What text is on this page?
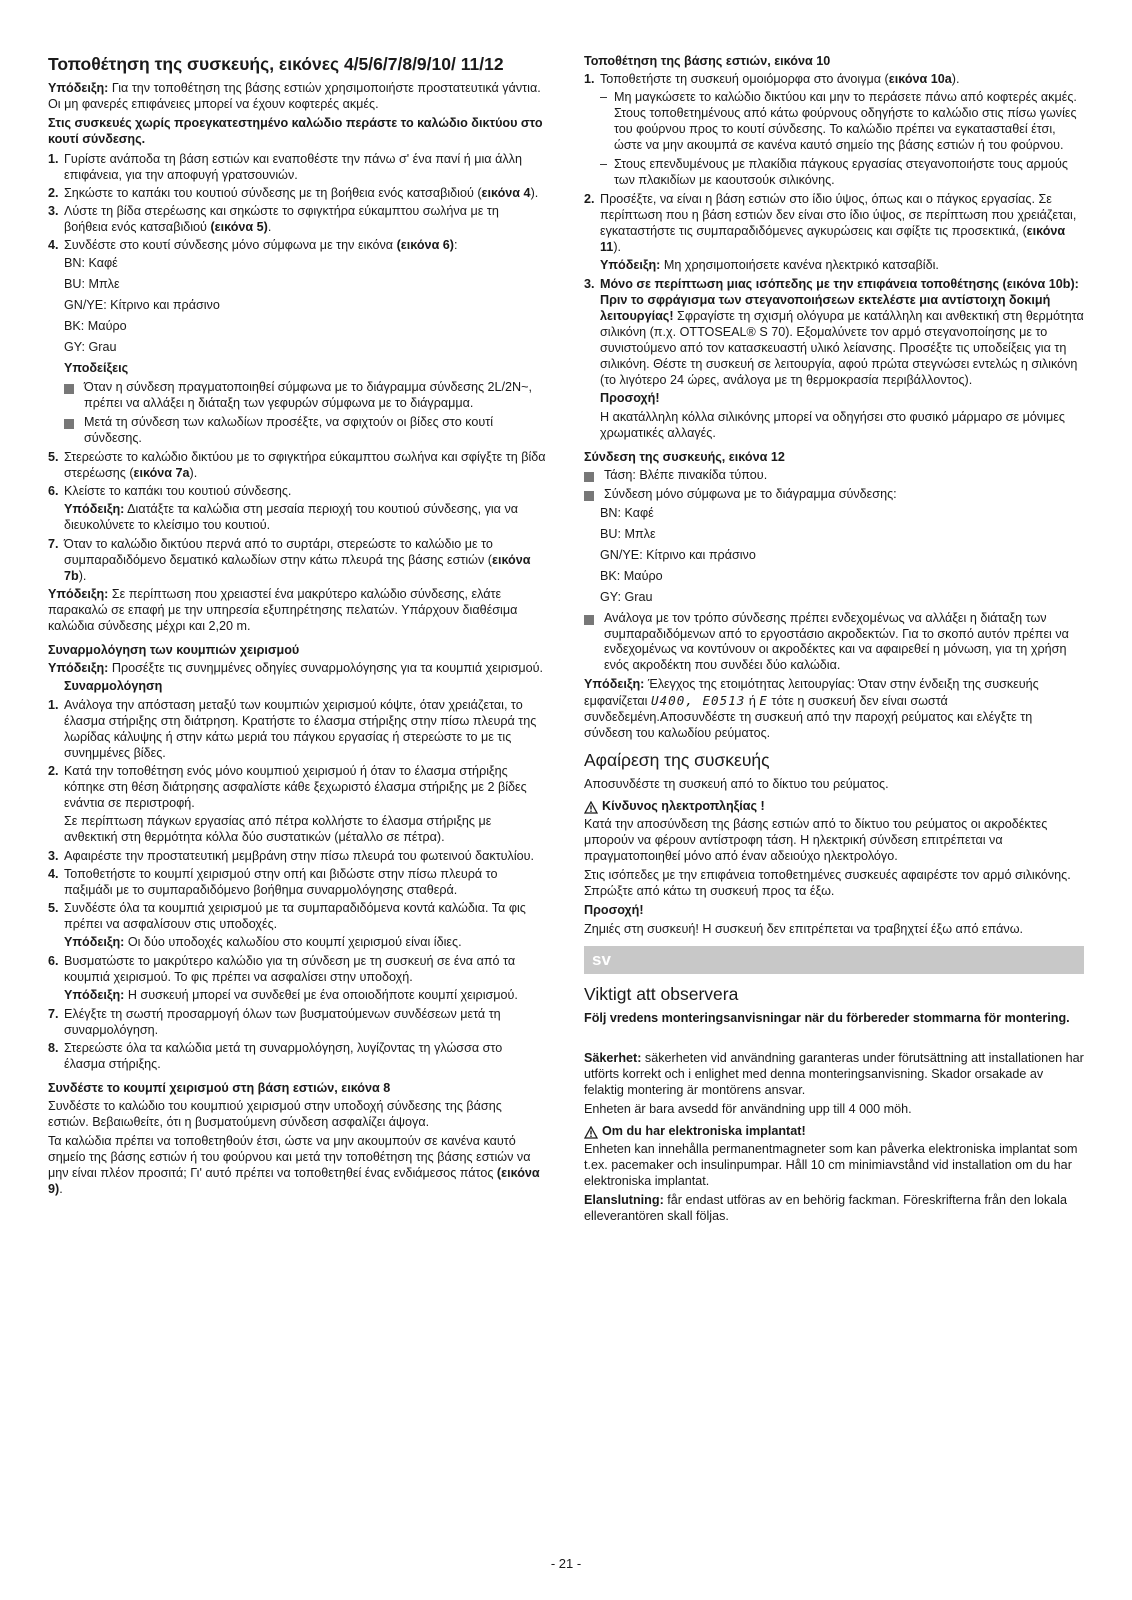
Τοποθέτηση της συσκευής, εικόνες 4/5/6/7/8/9/10/ 11/12

Υπόδειξη: Για την τοποθέτηση της βάσης εστιών χρησιμοποιήστε προστατευτικά γάντια. Οι μη φανερές επιφάνειες μπορεί να έχουν κοφτερές ακμές.

Στις συσκευές χωρίς προεγκατεστημένο καλώδιο περάστε το καλώδιο δικτύου στο κουτί σύνδεσης.

1. Γυρίστε ανάποδα τη βάση εστιών και εναποθέστε την πάνω σ' ένα πανί ή μια άλλη επιφάνεια, για την αποφυγή γρατσουνιών.
2. Σηκώστε το καπάκι του κουτιού σύνδεσης με τη βοήθεια ενός κατσαβιδιού (εικόνα 4).
3. Λύστε τη βίδα στερέωσης και σηκώστε το σφιγκτήρα εύκαμπτου σωλήνα με τη βοήθεια ενός κατσαβιδιού (εικόνα 5).
4. Συνδέστε στο κουτί σύνδεσης μόνο σύμφωνα με την εικόνα (εικόνα 6):

BN: Καφέ

BU: Μπλε

GN/YE: Κίτρινο και πράσινο

BK: Μαύρο

GY: Grau

Υποδείξεις

Όταν η σύνδεση πραγματοποιηθεί σύμφωνα με το διάγραμμα σύνδεσης 2L/2N~, πρέπει να αλλάξει η διάταξη των γεφυρών σύμφωνα με το διάγραμμα.
Μετά τη σύνδεση των καλωδίων προσέξτε, να σφιχτούν οι βίδες στο κουτί σύνδεσης.
5. Στερεώστε το καλώδιο δικτύου με το σφιγκτήρα εύκαμπτου σωλήνα και σφίγξτε τη βίδα στερέωσης (εικόνα 7a).
6. Κλείστε το καπάκι του κουτιού σύνδεσης.

Υπόδειξη: Διατάξτε τα καλώδια στη μεσαία περιοχή του κουτιού σύνδεσης, για να διευκολύνετε το κλείσιμο του κουτιού.

7. Όταν το καλώδιο δικτύου περνά από το συρτάρι, στερεώστε το καλώδιο με το συμπαραδιδόμενο δεματικό καλωδίων στην κάτω πλευρά της βάσης εστιών (εικόνα 7b).

Υπόδειξη: Σε περίπτωση που χρειαστεί ένα μακρύτερο καλώδιο σύνδεσης, ελάτε παρακαλώ σε επαφή με την υπηρεσία εξυπηρέτησης πελατών. Υπάρχουν διαθέσιμα καλώδια σύνδεσης μέχρι και 2,20 m.

Συναρμολόγηση των κουμπιών χειρισμού

Υπόδειξη: Προσέξτε τις συνημμένες οδηγίες συναρμολόγησης για τα κουμπιά χειρισμού.

Συναρμολόγηση

1. Ανάλογα την απόσταση μεταξύ των κουμπιών χειρισμού κόψτε, όταν χρειάζεται, το έλασμα στήριξης στη διάτρηση. Κρατήστε το έλασμα στήριξης στην πίσω πλευρά της λωρίδας κάλυψης ή στην κάτω μεριά του πάγκου εργασίας ή στερεώστε το με τις συνημμένες βίδες.
2. Κατά την τοποθέτηση ενός μόνο κουμπιού χειρισμού ή όταν το έλασμα στήριξης κόπηκε στη θέση διάτρησης ασφαλίστε κάθε ξεχωριστό έλασμα στήριξης με 2 βίδες ενάντια σε περιστροφή.

Σε περίπτωση πάγκων εργασίας από πέτρα κολλήστε το έλασμα στήριξης με ανθεκτική στη θερμότητα κόλλα δύο συστατικών (μέταλλο σε πέτρα).

3. Αφαιρέστε την προστατευτική μεμβράνη στην πίσω πλευρά του φωτεινού δακτυλίου.
4. Τοποθετήστε το κουμπί χειρισμού στην οπή και βιδώστε στην πίσω πλευρά το παξιμάδι με το συμπαραδιδόμενο βοήθημα συναρμολόγησης σταθερά.
5. Συνδέστε όλα τα κουμπιά χειρισμού με τα συμπαραδιδόμενα κοντά καλώδια. Τα φις πρέπει να ασφαλίσουν στις υποδοχές.

Υπόδειξη: Οι δύο υποδοχές καλωδίου στο κουμπί χειρισμού είναι ίδιες.

6. Βυσματώστε το μακρύτερο καλώδιο για τη σύνδεση με τη συσκευή σε ένα από τα κουμπιά χειρισμού. Το φις πρέπει να ασφαλίσει στην υποδοχή.

Υπόδειξη: Η συσκευή μπορεί να συνδεθεί με ένα οποιοδήποτε κουμπί χειρισμού.

7. Ελέγξτε τη σωστή προσαρμογή όλων των βυσματούμενων συνδέσεων μετά τη συναρμολόγηση.
8. Στερεώστε όλα τα καλώδια μετά τη συναρμολόγηση, λυγίζοντας τη γλώσσα στο έλασμα στήριξης.

Συνδέστε το κουμπί χειρισμού στη βάση εστιών, εικόνα 8

Συνδέστε το καλώδιο του κουμπιού χειρισμού στην υποδοχή σύνδεσης της βάσης εστιών. Βεβαιωθείτε, ότι η βυσματούμενη σύνδεση ασφαλίζει άψογα.

Τα καλώδια πρέπει να τοποθετηθούν έτσι, ώστε να μην ακουμπούν σε κανένα καυτό σημείο της βάσης εστιών ή του φούρνου και μετά την τοποθέτηση της βάσης εστιών να μην είναι πλέον προσιτά; Γι' αυτό πρέπει να τοποθετηθεί ένας ενδιάμεσος πάτος (εικόνα 9).

Τοποθέτηση της βάσης εστιών, εικόνα 10

1. Τοποθετήστε τη συσκευή ομοιόμορφα στο άνοιγμα (εικόνα 10a).
– Μη μαγκώσετε το καλώδιο δικτύου και μην το περάσετε πάνω από κοφτερές ακμές. Στους τοποθετημένους από κάτω φούρνους οδηγήστε το καλώδιο στις πίσω γωνίες του φούρνου προς το κουτί σύνδεσης. Το καλώδιο πρέπει να εγκατασταθεί έτσι, ώστε να μην ακουμπά σε κανένα καυτό σημείο της βάσης εστιών ή του φούρνου.
– Στους επενδυμένους με πλακίδια πάγκους εργασίας στεγανοποιήστε τους αρμούς των πλακιδίων με καουτσούκ σιλικόνης.
2. Προσέξτε, να είναι η βάση εστιών στο ίδιο ύψος, όπως και ο πάγκος εργασίας. Σε περίπτωση που η βάση εστιών δεν είναι στο ίδιο ύψος, σε περίπτωση που χρειάζεται, εγκαταστήστε τις συμπαραδιδόμενες αγκυρώσεις και σφίξτε τις προσεκτικά, (εικόνα 11).

Υπόδειξη: Μη χρησιμοποιήσετε κανένα ηλεκτρικό κατσαβίδι.

3. Μόνο σε περίπτωση μιας ισόπεδης με την επιφάνεια τοποθέτησης (εικόνα 10b): Πριν το σφράγισμα των στεγανοποιήσεων εκτελέστε μια αντίστοιχη δοκιμή λειτουργίας! Σφραγίστε τη σχισμή ολόγυρα με κατάλληλη και ανθεκτική στη θερμότητα σιλικόνη (π.χ. OTTOSEAL® S 70). Εξομαλύνετε τον αρμό στεγανοποίησης με το συνιστούμενο από τον κατασκευαστή υλικό λείανσης. Προσέξτε τις υποδείξεις για τη σιλικόνη. Θέστε τη συσκευή σε λειτουργία, αφού πρώτα στεγνώσει εντελώς η σιλικόνη (το λιγότερο 24 ώρες, ανάλογα με τη θερμοκρασία περιβάλλοντος).

Προσοχή!

Η ακατάλληλη κόλλα σιλικόνης μπορεί να οδηγήσει στο φυσικό μάρμαρο σε μόνιμες χρωματικές αλλαγές.

Σύνδεση της συσκευής, εικόνα 12

Τάση: Βλέπε πινακίδα τύπου.
Σύνδεση μόνο σύμφωνα με το διάγραμμα σύνδεσης:

BN: Καφέ

BU: Μπλε

GN/YE: Κίτρινο και πράσινο

BK: Μαύρο

GY: Grau

Ανάλογα με τον τρόπο σύνδεσης πρέπει ενδεχομένως να αλλάξει η διάταξη των συμπαραδιδόμενων από το εργοστάσιο ακροδεκτών. Για το σκοπό αυτόν πρέπει να ενδεχομένως να κοντύνουν οι ακροδέκτες και να αφαιρεθεί η μόνωση, για τη χρήση ενός ακροδέκτη που συνδέει δύο καλώδια.

Υπόδειξη: Έλεγχος της ετοιμότητας λειτουργίας: Όταν στην ένδειξη της συσκευής εμφανίζεται U400, E0513 ή E τότε η συσκευή δεν είναι σωστά συνδεδεμένη.Αποσυνδέστε τη συσκευή από την παροχή ρεύματος και ελέγξτε τη σύνδεση του καλωδίου ρεύματος.

Αφαίρεση της συσκευής

Αποσυνδέστε τη συσκευή από το δίκτυο του ρεύματος.

Κίνδυνος ηλεκτροπληξίας !

Κατά την αποσύνδεση της βάσης εστιών από το δίκτυο του ρεύματος οι ακροδέκτες μπορούν να φέρουν αντίστροφη τάση. Η ηλεκτρική σύνδεση επιτρέπεται να πραγματοποιηθεί μόνο από έναν αδειούχο ηλεκτρολόγο.

Στις ισόπεδες με την επιφάνεια τοποθετημένες συσκευές αφαιρέστε τον αρμό σιλικόνης. Σπρώξτε από κάτω τη συσκευή προς τα έξω.

Προσοχή!

Ζημιές στη συσκευή! Η συσκευή δεν επιτρέπεται να τραβηχτεί έξω από επάνω.

sv
Viktigt att observera

Följ vredens monteringsanvisningar när du förbereder stommarna för montering.

Säkerhet: säkerheten vid användning garanteras under förutsättning att installationen har utförts korrekt och i enlighet med denna monteringsanvisning. Skador orsakade av felaktig montering är montörens ansvar.

Enheten är bara avsedd för användning upp till 4 000 möh.

Om du har elektroniska implantat!

Enheten kan innehålla permanentmagneter som kan påverka elektroniska implantat som t.ex. pacemaker och insulinpumpar. Håll 10 cm minimiavstånd vid installation om du har elektroniska implantat.

Elanslutning: får endast utföras av en behörig fackman. Föreskrifterna från den lokala elleverantören skall följas.

- 21 -
